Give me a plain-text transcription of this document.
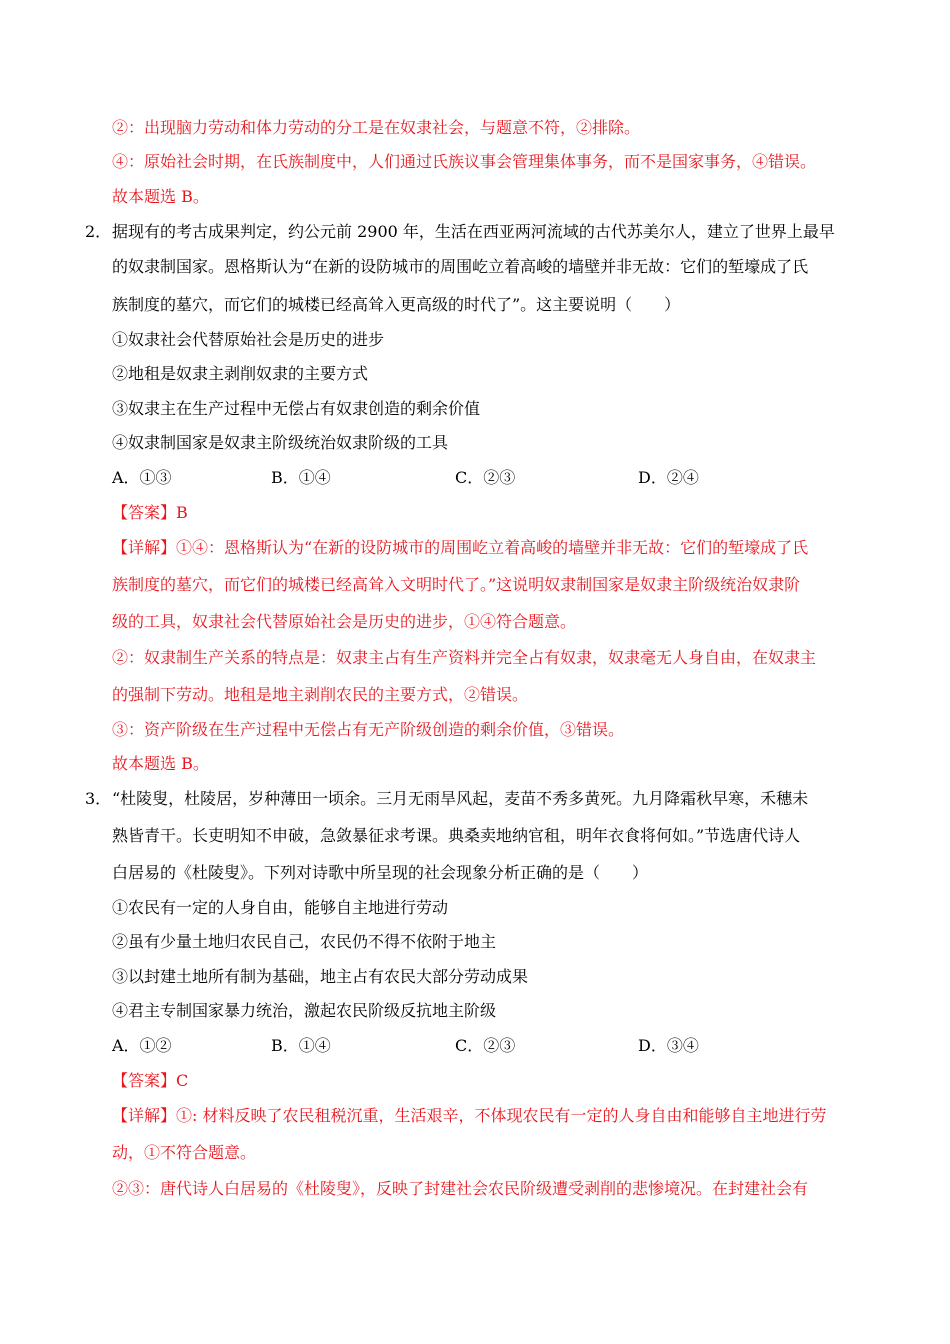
②：出现脑力劳动和体力劳动的分工是在奴隶社会，与题意不符，②排除。
④：原始社会时期，在氏族制度中，人们通过氏族议事会管理集体事务，而不是国家事务，④错误。
故本题选 B。
2． 据现有的考古成果判定，约公元前 2900 年，生活在西亚两河流域的古代苏美尔人，建立了世界上最早
的奴隶制国家。恩格斯认为“在新的设防城市的周围屹立着高峻的墙壁并非无故：它们的堑壕成了氏
族制度的墓穴，而它们的城楼已经高耸入更高级的时代了”。这主要说明（　　）
①奴隶社会代替原始社会是历史的进步
②地租是奴隶主剥削奴隶的主要方式
③奴隶主在生产过程中无偿占有奴隶创造的剩余价值
④奴隶制国家是奴隶主阶级统治奴隶阶级的工具
A．①③	B．①④	C．②③	D．②④
【答案】B
【详解】①④：恩格斯认为“在新的设防城市的周围屹立着高峻的墙壁并非无故：它们的堑壕成了氏
族制度的墓穴，而它们的城楼已经高耸入文明时代了。”这说明奴隶制国家是奴隶主阶级统治奴隶阶
级的工具，奴隶社会代替原始社会是历史的进步，①④符合题意。
②：奴隶制生产关系的特点是：奴隶主占有生产资料并完全占有奴隶，奴隶毫无人身自由，在奴隶主
的强制下劳动。地租是地主剥削农民的主要方式，②错误。
③：资产阶级在生产过程中无偿占有无产阶级创造的剩余价值，③错误。
故本题选 B。
3． “杜陵叟，杜陵居，岁种薄田一顷余。三月无雨旱风起，麦苗不秀多黄死。九月降霜秋早寒，禾穗未
熟皆青干。长吏明知不申破，急敛暴征求考课。典桑卖地纳官租，明年衣食将何如。”节选唐代诗人
白居易的《杜陵叟》。下列对诗歌中所呈现的社会现象分析正确的是（　　）
①农民有一定的人身自由，能够自主地进行劳动
②虽有少量土地归农民自己，农民仍不得不依附于地主
③以封建土地所有制为基础，地主占有农民大部分劳动成果
④君主专制国家暴力统治，激起农民阶级反抗地主阶级
A．①②	B．①④	C．②③	D．③④
【答案】C
【详解】①: 材料反映了农民租税沉重，生活艰辛，不体现农民有一定的人身自由和能够自主地进行劳
动，①不符合题意。
②③：唐代诗人白居易的《杜陵叟》，反映了封建社会农民阶级遭受剥削的悲惨境况。在封建社会有
